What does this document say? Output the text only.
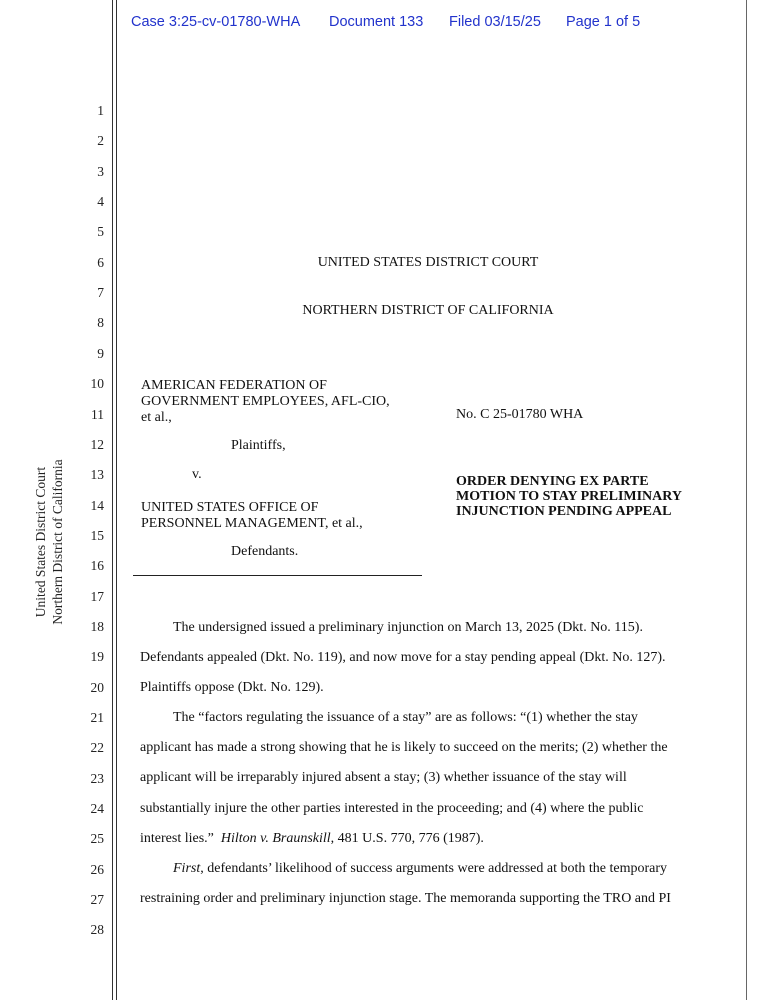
Case 3:25-cv-01780-WHA Document 133 Filed 03/15/25 Page 1 of 5
United States District Court Northern District of California
1
2
3
4
5
6
7
8
9
10
11
12
13
14
15
16
17
18
19
20
21
22
23
24
25
26
27
28
UNITED STATES DISTRICT COURT
NORTHERN DISTRICT OF CALIFORNIA
AMERICAN FEDERATION OF
GOVERNMENT EMPLOYEES, AFL-CIO,
et al.,
Plaintiffs,
v.
UNITED STATES OFFICE OF
PERSONNEL MANAGEMENT, et al.,
Defendants.
No. C 25-01780 WHA
ORDER DENYING EX PARTE
MOTION TO STAY PRELIMINARY
INJUNCTION PENDING APPEAL
The undersigned issued a preliminary injunction on March 13, 2025 (Dkt. No. 115).
Defendants appealed (Dkt. No. 119), and now move for a stay pending appeal (Dkt. No. 127).
Plaintiffs oppose (Dkt. No. 129).
The “factors regulating the issuance of a stay” are as follows: “(1) whether the stay
applicant has made a strong showing that he is likely to succeed on the merits; (2) whether the
applicant will be irreparably injured absent a stay; (3) whether issuance of the stay will
substantially injure the other parties interested in the proceeding; and (4) where the public
interest lies.”  Hilton v. Braunskill, 481 U.S. 770, 776 (1987).
First, defendants’ likelihood of success arguments were addressed at both the temporary
restraining order and preliminary injunction stage. The memoranda supporting the TRO and PI
